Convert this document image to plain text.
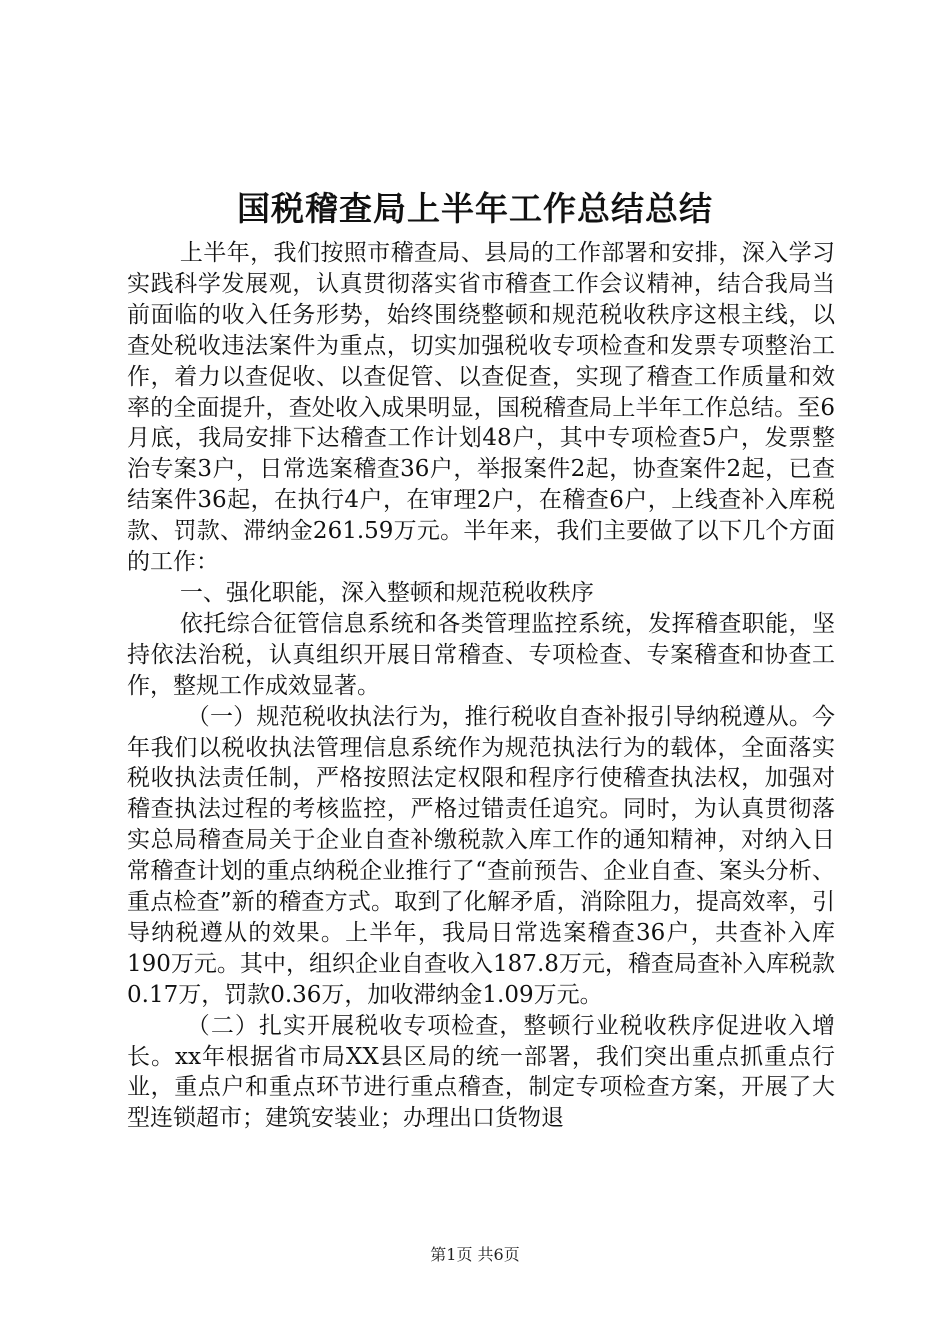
国税稽查局上半年工作总结总结

上半年，我们按照市稽查局、县局的工作部署和安排，深入学习实践科学发展观，认真贯彻落实省市稽查工作会议精神，结合我局当前面临的收入任务形势，始终围绕整顿和规范税收秩序这根主线，以查处税收违法案件为重点，切实加强税收专项检查和发票专项整治工作，着力以查促收、以查促管、以查促查，实现了稽查工作质量和效率的全面提升，查处收入成果明显，国税稽查局上半年工作总结。至6月底，我局安排下达稽查工作计划48户，其中专项检查5户，发票整治专案3户，日常选案稽查36户，举报案件2起，协查案件2起，已查结案件36起，在执行4户，在审理2户，在稽查6户，上线查补入库税款、罚款、滞纳金261.59万元。半年来，我们主要做了以下几个方面的工作：

一、强化职能，深入整顿和规范税收秩序

依托综合征管信息系统和各类管理监控系统，发挥稽查职能，坚持依法治税，认真组织开展日常稽查、专项检查、专案稽查和协查工作，整规工作成效显著。

（一）规范税收执法行为，推行税收自查补报引导纳税遵从。今年我们以税收执法管理信息系统作为规范执法行为的载体，全面落实税收执法责任制，严格按照法定权限和程序行使稽查执法权，加强对稽查执法过程的考核监控，严格过错责任追究。同时，为认真贯彻落实总局稽查局关于企业自查补缴税款入库工作的通知精神，对纳入日常稽查计划的重点纳税企业推行了“查前预告、企业自查、案头分析、重点检查”新的稽查方式。取到了化解矛盾，消除阻力，提高效率，引导纳税遵从的效果。上半年，我局日常选案稽查36户，共查补入库190万元。其中，组织企业自查收入187.8万元，稽查局查补入库税款0.17万，罚款0.36万，加收滞纳金1.09万元。

（二）扎实开展税收专项检查，整顿行业税收秩序促进收入增长。xx年根据省市局XX县区局的统一部署，我们突出重点抓重点行业，重点户和重点环节进行重点稽查，制定专项检查方案，开展了大型连锁超市；建筑安装业；办理出口货物退

第1页 共6页
